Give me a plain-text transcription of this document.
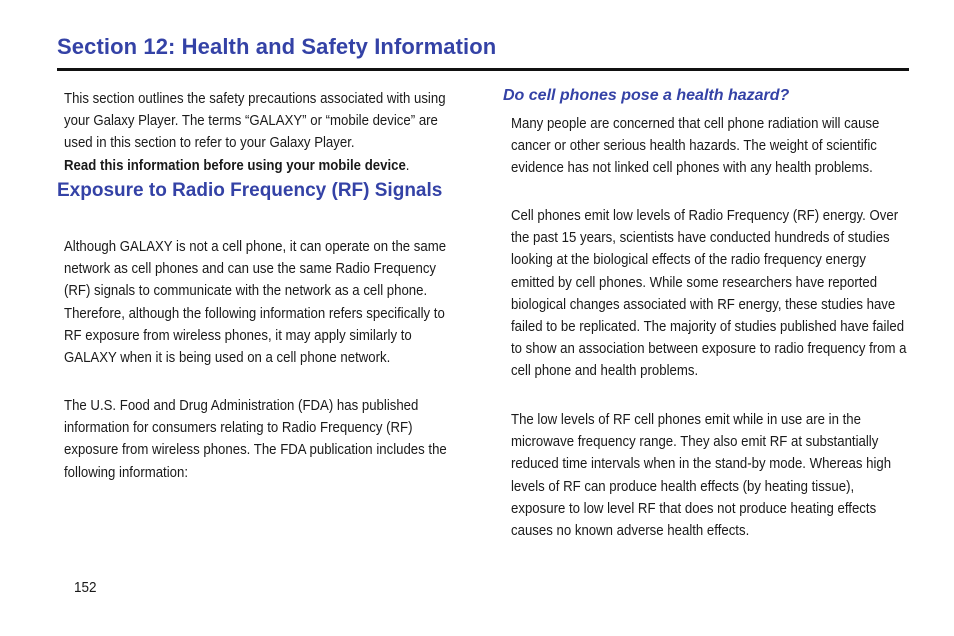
Section 12: Health and Safety Information

This section outlines the safety precautions associated with using your Galaxy Player. The terms “GALAXY” or “mobile device” are used in this section to refer to your Galaxy Player.
Read this information before using your mobile device.

Exposure to Radio Frequency (RF) Signals

Although GALAXY is not a cell phone, it can operate on the same network as cell phones and can use the same Radio Frequency (RF) signals to communicate with the network as a cell phone. Therefore, although the following information refers specifically to RF exposure from wireless phones, it may apply similarly to GALAXY when it is being used on a cell phone network.

The U.S. Food and Drug Administration (FDA) has published information for consumers relating to Radio Frequency (RF) exposure from wireless phones. The FDA publication includes the following information:

Do cell phones pose a health hazard?

Many people are concerned that cell phone radiation will cause cancer or other serious health hazards. The weight of scientific evidence has not linked cell phones with any health problems.

Cell phones emit low levels of Radio Frequency (RF) energy. Over the past 15 years, scientists have conducted hundreds of studies looking at the biological effects of the radio frequency energy emitted by cell phones. While some researchers have reported biological changes associated with RF energy, these studies have failed to be replicated. The majority of studies published have failed to show an association between exposure to radio frequency from a cell phone and health problems.

The low levels of RF cell phones emit while in use are in the microwave frequency range. They also emit RF at substantially reduced time intervals when in the stand-by mode. Whereas high levels of RF can produce health effects (by heating tissue), exposure to low level RF that does not produce heating effects causes no known adverse health effects.

152
